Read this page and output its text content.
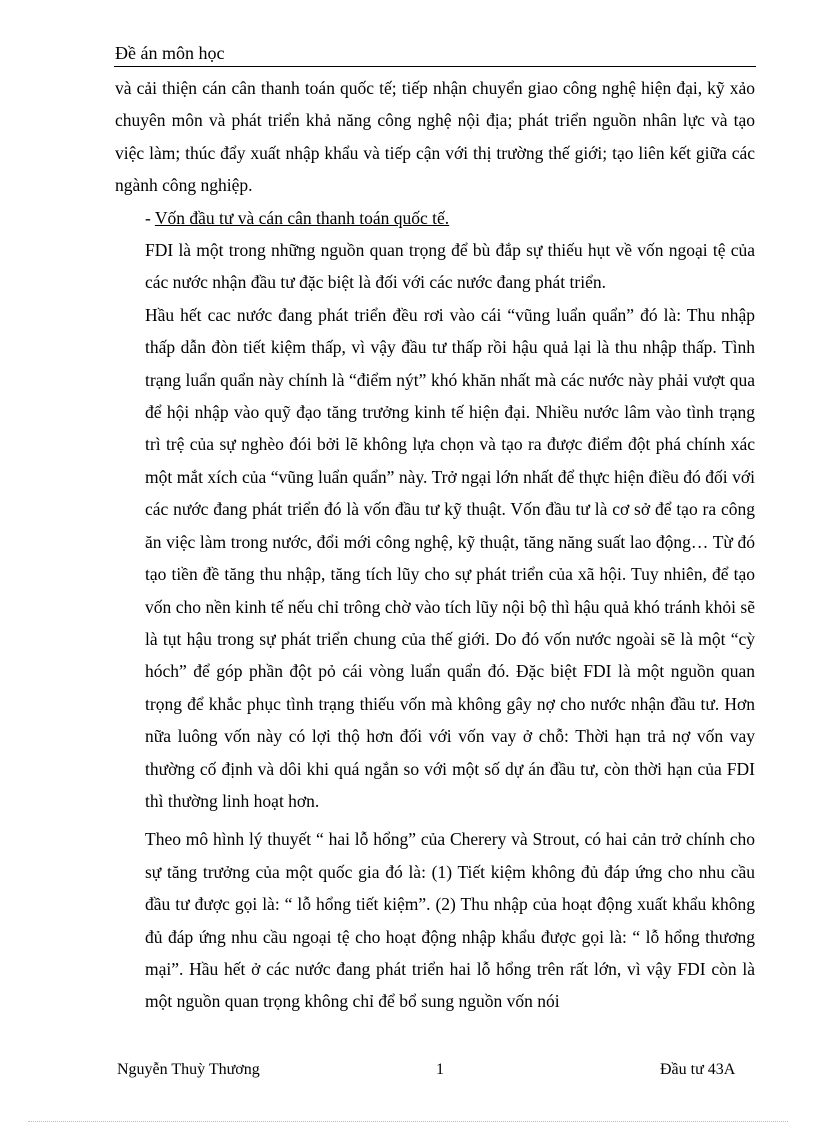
Đề án môn học

và cải thiện cán cân thanh toán quốc tế; tiếp nhận chuyển giao công nghệ hiện đại, kỹ xảo chuyên môn và phát triển khả năng công nghệ nội địa; phát triển nguồn nhân lực và tạo việc làm; thúc đẩy xuất nhập khẩu và tiếp cận với thị trường thế giới; tạo liên kết giữa các ngành công nghiệp.

- Vốn đầu tư và cán cân thanh toán quốc tế.

FDI là một trong những nguồn quan trọng để bù đắp sự thiếu hụt về vốn ngoại tệ của các nước nhận đầu tư đặc biệt là đối với các nước đang phát triển.

Hầu hết cac nước đang phát triển đều rơi vào cái “vũng luẩn quẩn” đó là: Thu nhập thấp dẫn đòn tiết kiệm thấp, vì vậy đầu tư thấp rồi hậu quả lại là thu nhập thấp. Tình trạng luẩn quẩn này chính là “điểm nýt” khó khăn nhất mà các nước này phải vượt qua để hội nhập vào quỹ đạo tăng trưởng kinh tế hiện đại. Nhiều nước lâm vào tình trạng trì trệ của sự nghèo đói bởi lẽ không lựa chọn và tạo ra được điểm đột phá chính xác một mắt xích của “vũng luẩn quẩn” này. Trở ngại lớn nhất để thực hiện điều đó đối với các nước đang phát triển đó là vốn đầu tư kỹ thuật. Vốn đầu tư là cơ sở để tạo ra công ăn việc làm trong nước, đổi mới công nghệ, kỹ thuật, tăng năng suất lao động… Từ đó tạo tiền đề tăng thu nhập, tăng tích lũy cho sự phát triển của xã hội. Tuy nhiên, để tạo vốn cho nền kinh tế nếu chỉ trông chờ vào tích lũy nội bộ thì hậu quả khó tránh khỏi sẽ là tụt hậu trong sự phát triển chung của thế giới. Do đó vốn nước ngoài sẽ là một “cỳ hóch” để góp phần đột pỏ cái vòng luẩn quẩn đó. Đặc biệt FDI là một nguồn quan trọng để khắc phục tình trạng thiếu vốn mà không gây nợ cho nước nhận đầu tư. Hơn nữa luông vốn này có lợi thộ hơn đối với vốn vay ở chỗ: Thời hạn trả nợ vốn vay thường cố định và dôi khi quá ngắn so với một số dự án đầu tư, còn thời hạn của FDI thì thường linh hoạt hơn.

Theo mô hình lý thuyết “ hai lỗ hổng” của Cherery và Strout, có hai cản trở chính cho sự tăng trưởng của một quốc gia đó là: (1) Tiết kiệm không đủ đáp ứng cho nhu cầu đầu tư được gọi là: “ lỗ hổng tiết kiệm”. (2) Thu nhập của hoạt động xuất khẩu không đủ đáp ứng nhu cầu ngoại tệ cho hoạt động nhập khẩu được gọi là: “ lỗ hổng thương mại”. Hầu hết ở các nước đang phát triển hai lỗ hổng trên rất lớn, vì vậy FDI còn là một nguồn quan trọng không chỉ để bổ sung nguồn vốn nói

Nguyễn Thuỳ Thương	1	Đầu tư 43A
